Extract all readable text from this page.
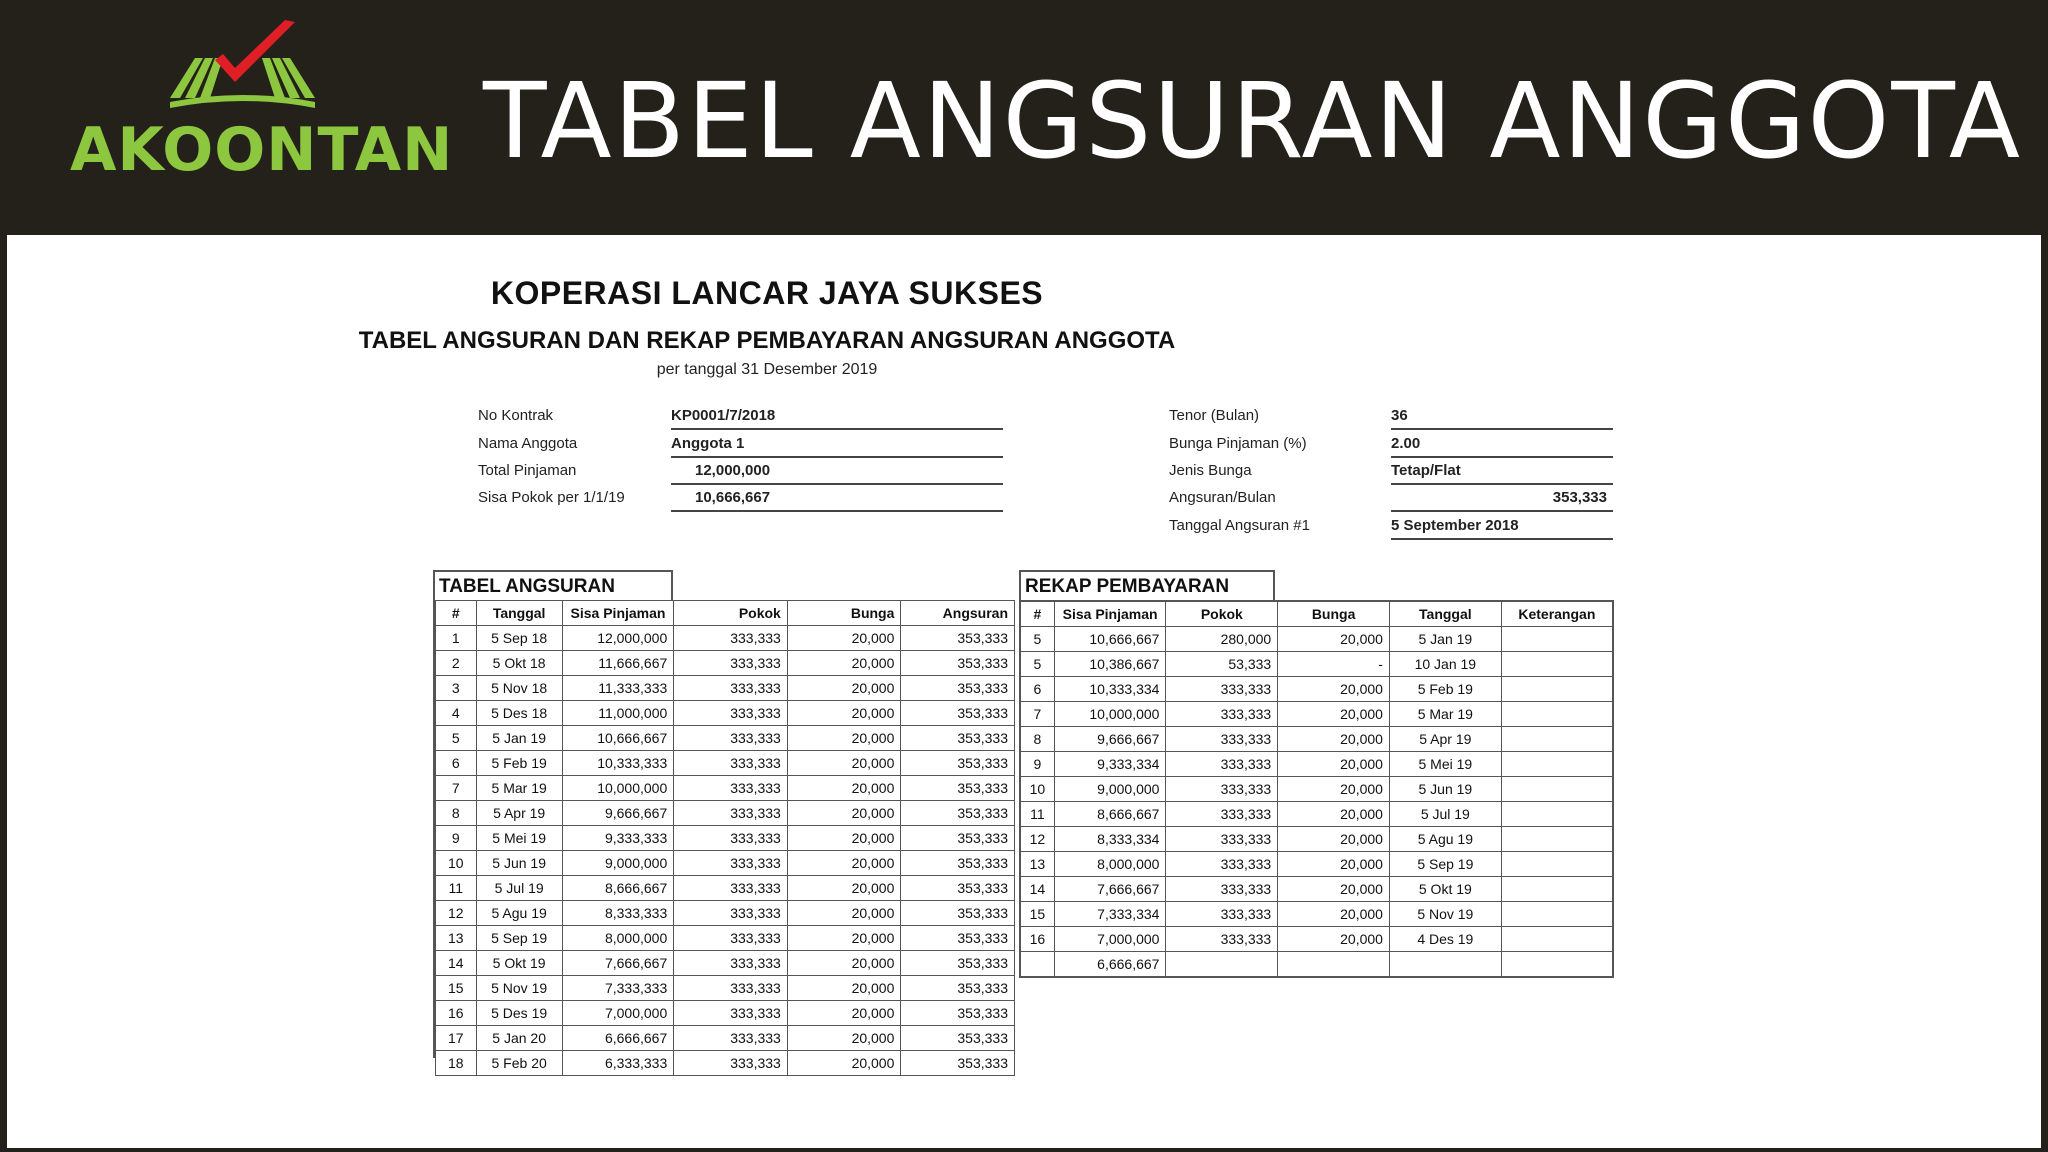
AKOONTAN TABEL ANGSURAN ANGGOTA
KOPERASI LANCAR JAYA SUKSES
TABEL ANGSURAN DAN REKAP PEMBAYARAN ANGSURAN ANGGOTA
per tanggal 31 Desember 2019
No Kontrak	KP0001/7/2018
Nama Anggota	Anggota 1
Total Pinjaman	12,000,000
Sisa Pokok per 1/1/19	10,666,667
Tenor (Bulan)	36
Bunga Pinjaman (%)	2.00
Jenis Bunga	Tetap/Flat
Angsuran/Bulan	353,333
Tanggal Angsuran #1	5 September 2018
TABEL ANGSURAN
#	Tanggal	Sisa Pinjaman	Pokok	Bunga	Angsuran
1	5 Sep 18	12,000,000	333,333	20,000	353,333
2	5 Okt 18	11,666,667	333,333	20,000	353,333
3	5 Nov 18	11,333,333	333,333	20,000	353,333
4	5 Des 18	11,000,000	333,333	20,000	353,333
5	5 Jan 19	10,666,667	333,333	20,000	353,333
6	5 Feb 19	10,333,333	333,333	20,000	353,333
7	5 Mar 19	10,000,000	333,333	20,000	353,333
8	5 Apr 19	9,666,667	333,333	20,000	353,333
9	5 Mei 19	9,333,333	333,333	20,000	353,333
10	5 Jun 19	9,000,000	333,333	20,000	353,333
11	5 Jul 19	8,666,667	333,333	20,000	353,333
12	5 Agu 19	8,333,333	333,333	20,000	353,333
13	5 Sep 19	8,000,000	333,333	20,000	353,333
14	5 Okt 19	7,666,667	333,333	20,000	353,333
15	5 Nov 19	7,333,333	333,333	20,000	353,333
16	5 Des 19	7,000,000	333,333	20,000	353,333
17	5 Jan 20	6,666,667	333,333	20,000	353,333
18	5 Feb 20	6,333,333	333,333	20,000	353,333
REKAP PEMBAYARAN
#	Sisa Pinjaman	Pokok	Bunga	Tanggal	Keterangan
5	10,666,667	280,000	20,000	5 Jan 19	
5	10,386,667	53,333	-	10 Jan 19	
6	10,333,334	333,333	20,000	5 Feb 19	
7	10,000,000	333,333	20,000	5 Mar 19	
8	9,666,667	333,333	20,000	5 Apr 19	
9	9,333,334	333,333	20,000	5 Mei 19	
10	9,000,000	333,333	20,000	5 Jun 19	
11	8,666,667	333,333	20,000	5 Jul 19	
12	8,333,334	333,333	20,000	5 Agu 19	
13	8,000,000	333,333	20,000	5 Sep 19	
14	7,666,667	333,333	20,000	5 Okt 19	
15	7,333,334	333,333	20,000	5 Nov 19	
16	7,000,000	333,333	20,000	4 Des 19	
	6,666,667				
